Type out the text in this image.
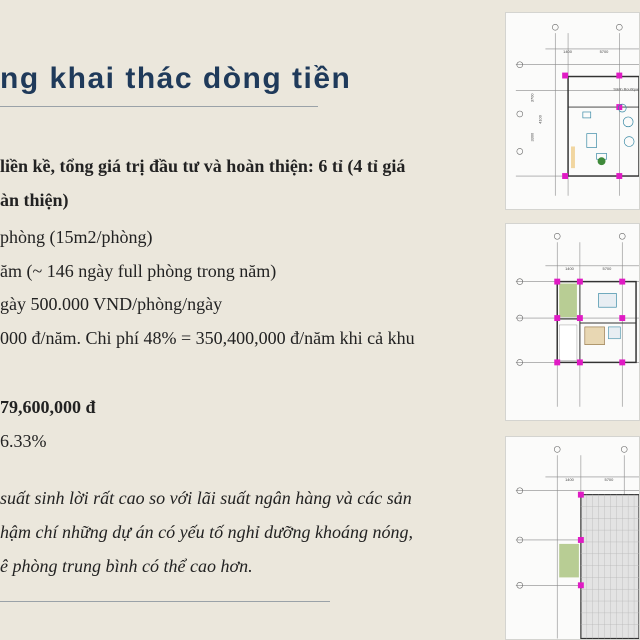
ng khai thác dòng tiền

liền kề, tổng giá trị đầu tư và hoàn thiện: 6 tỉ (4 tỉ giá

àn thiện)

phòng (15m2/phòng)

ăm (~ 146 ngày full phòng trong năm)

gày 500.000 VND/phòng/ngày

000 đ/năm. Chi phí 48% = 350,400,000 đ/năm khi cả khu

79,600,000 đ

6.33%

suất sinh lời rất cao so với lãi suất ngân hàng và các sản

hậm chí những dự án có yếu tố nghỉ dưỡng khoáng nóng,

ê phòng trung bình có thể cao hơn.

1400	5700
3700
4100
3300
Sảnh Boutique
1400	5700
1400	5700
